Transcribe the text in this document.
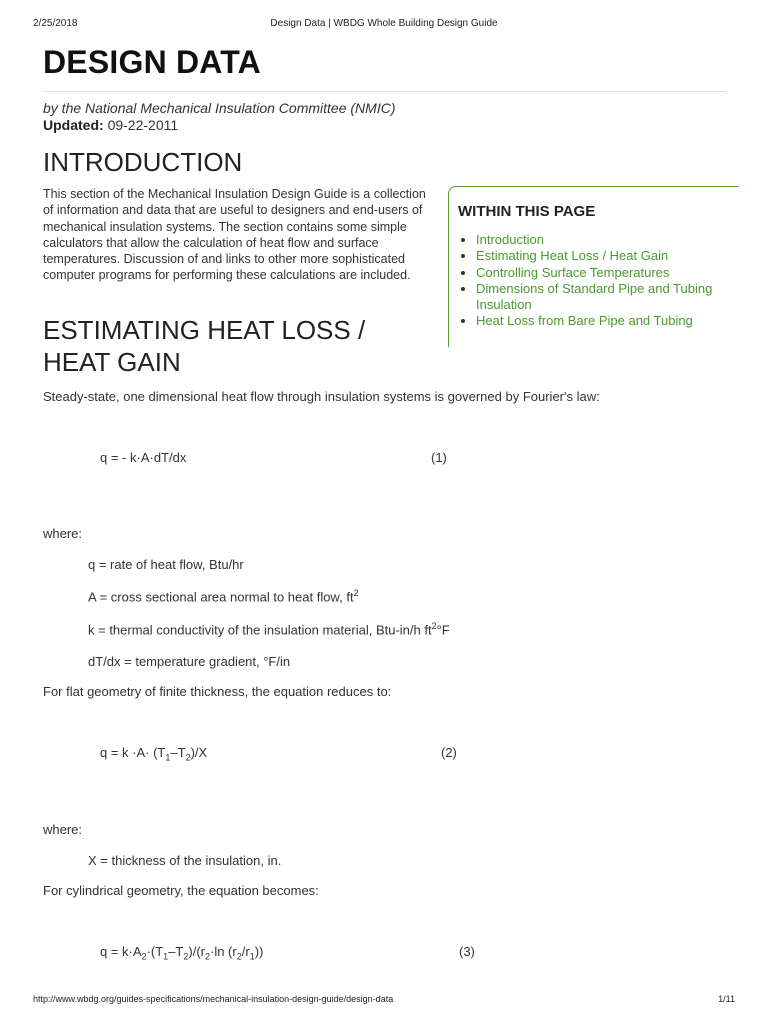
2/25/2018	Design Data | WBDG Whole Building Design Guide
DESIGN DATA
by the National Mechanical Insulation Committee (NMIC)
Updated: 09-22-2011
INTRODUCTION

This section of the Mechanical Insulation Design Guide is a collection of information and data that are useful to designers and end-users of mechanical insulation systems. The section contains some simple calculators that allow the calculation of heat flow and surface temperatures. Discussion of and links to other more sophisticated computer programs for performing these calculations are included.

WITHIN THIS PAGE
• Introduction
• Estimating Heat Loss / Heat Gain
• Controlling Surface Temperatures
• Dimensions of Standard Pipe and Tubing Insulation
• Heat Loss from Bare Pipe and Tubing
ESTIMATING HEAT LOSS / HEAT GAIN

Steady-state, one dimensional heat flow through insulation systems is governed by Fourier's law:

q = - k·A·dT/dx	(1)

where:

q = rate of heat flow, Btu/hr
A = cross sectional area normal to heat flow, $ft^2$
k = thermal conductivity of the insulation material, Btu-in/h $ft^2^\circ F$
dT/dx = temperature gradient, °F/in

For flat geometry of finite thickness, the equation reduces to:

$q = k \cdot A\cdot (T_1-T_2)/X$	(2)

where:

X = thickness of the insulation, in.

For cylindrical geometry, the equation becomes:

$q = k\cdot A_2\cdot(T_1-T_2)/(r_2\cdot\ln$ $(r_2/r_1)$)	(3)
http://www.wbdg.org/guides-specifications/mechanical-insulation-design-guide/design-data	1/11
